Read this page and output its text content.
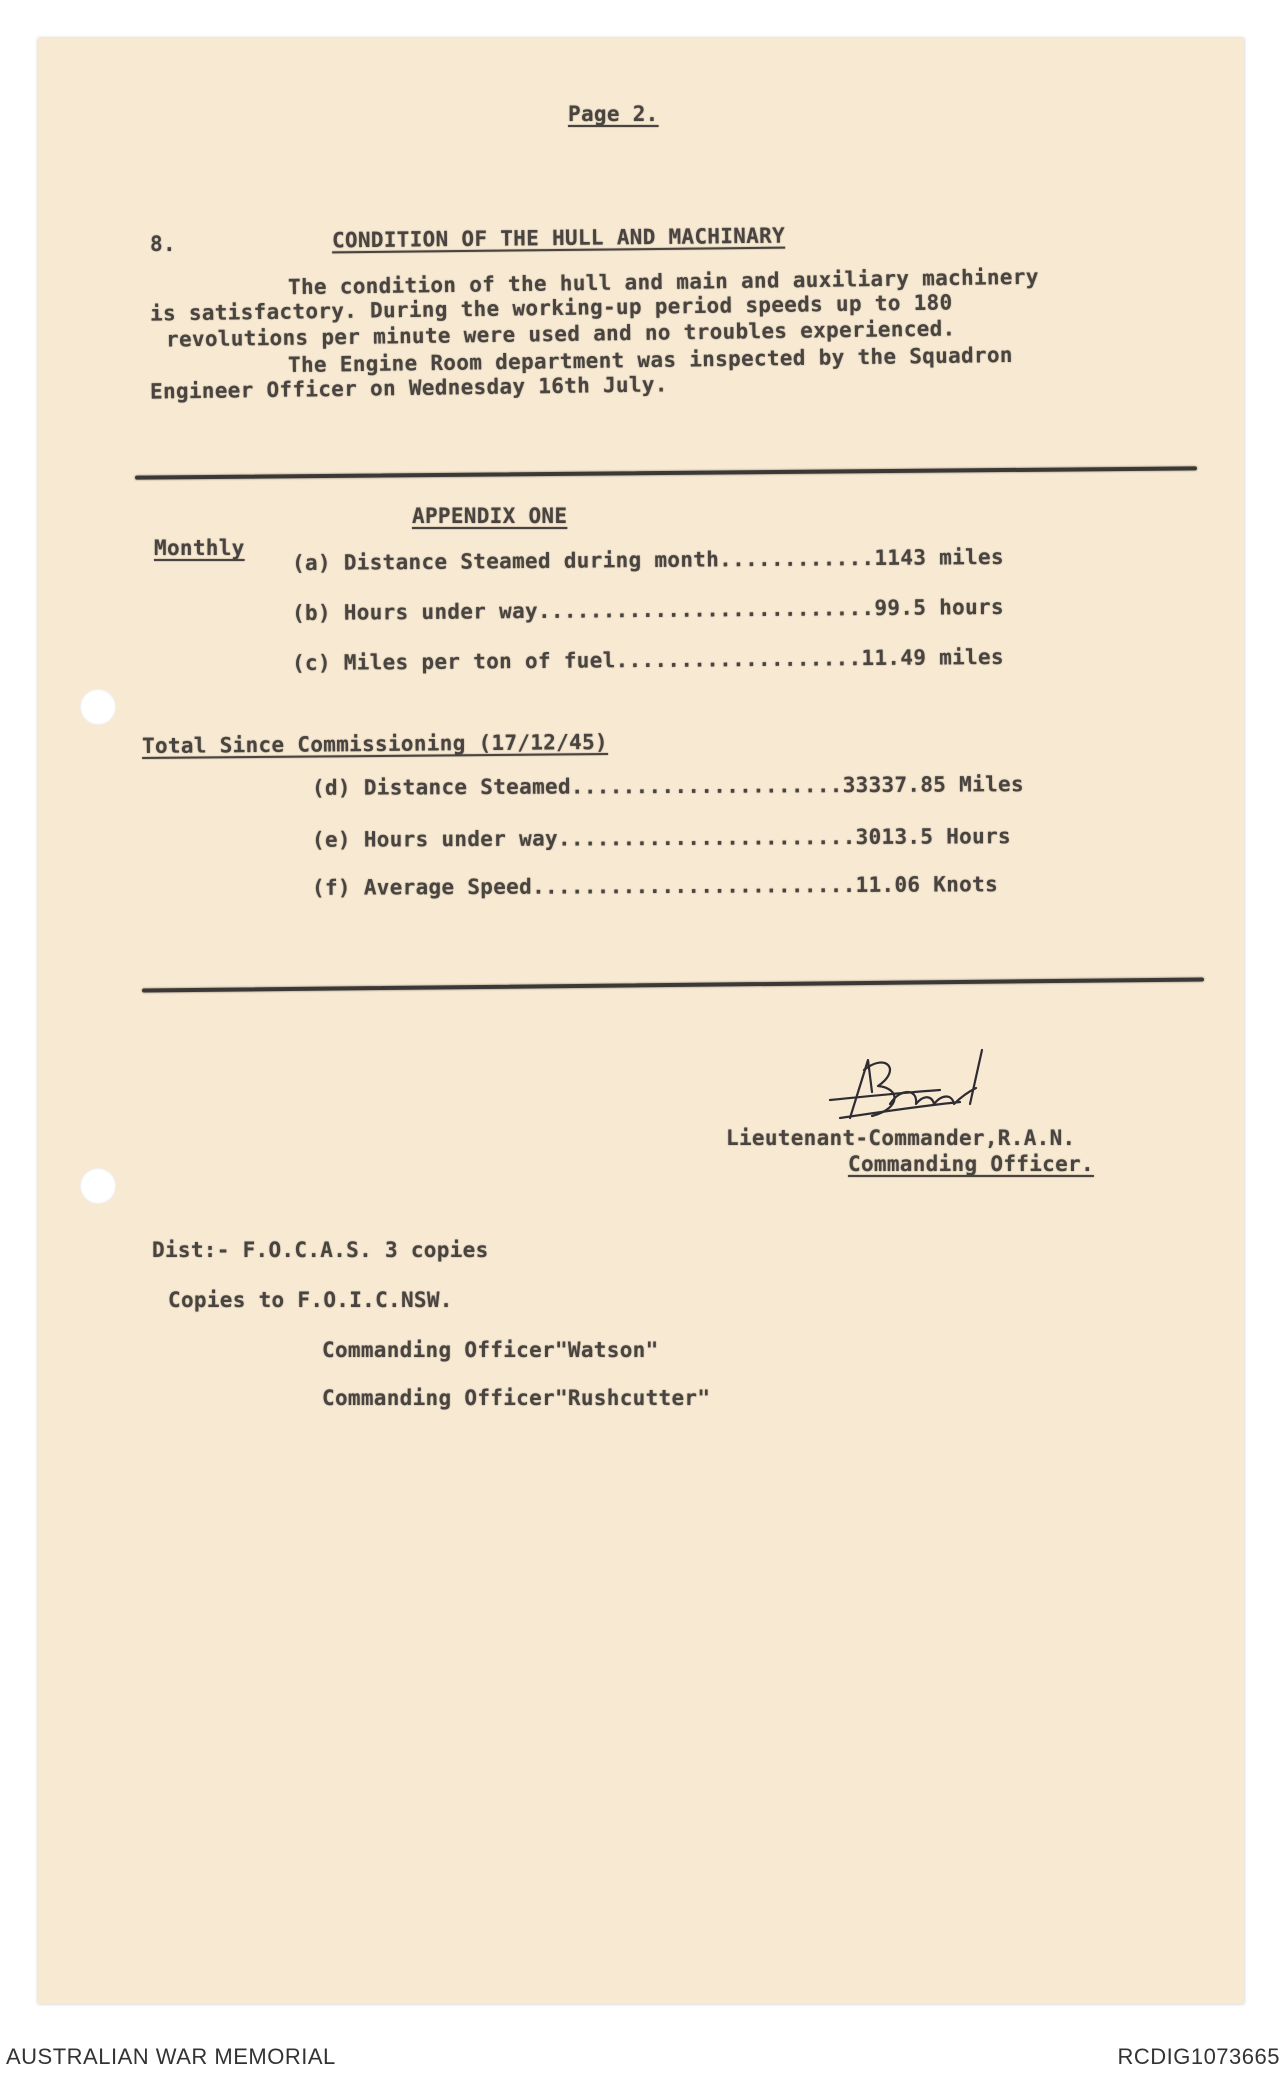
Page 2.
8.	CONDITION OF THE HULL AND MACHINARY
The condition of the hull and main and auxiliary machinery
is satisfactory. During the working-up period speeds up to 180
revolutions per minute were used and no troubles experienced.
The Engine Room department was inspected by the Squadron
Engineer Officer on Wednesday 16th July.
APPENDIX ONE
Monthly (a) Distance Steamed during month............1143 miles
(b) Hours under way..........................99.5 hours
(c) Miles per ton of fuel...................11.49 miles
Total Since Commissioning (17/12/45)
(d) Distance Steamed.....................33337.85 Miles
(e) Hours under way.......................3013.5 Hours
(f) Average Speed.........................11.06 Knots
Lieutenant-Commander,R.A.N.
Commanding Officer.
Dist:- F.O.C.A.S. 3 copies
Copies to F.O.I.C.NSW.
Commanding Officer"Watson"
Commanding Officer"Rushcutter"
AUSTRALIAN WAR MEMORIAL	RCDIG1073665
